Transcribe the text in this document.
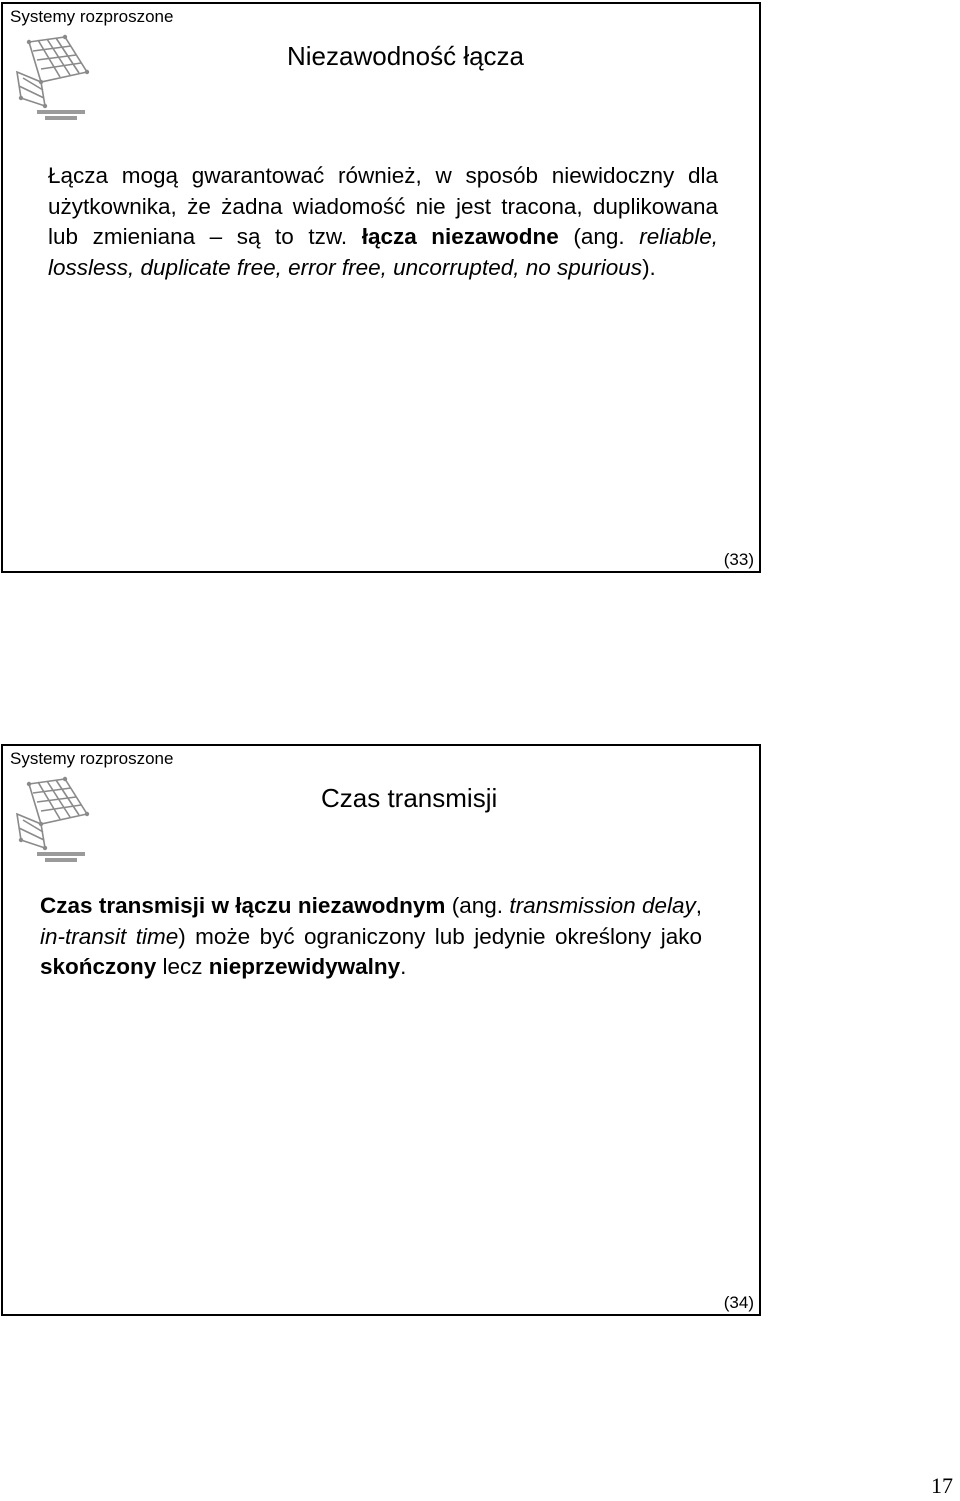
Systemy rozproszone
Niezawodność łącza
Łącza mogą gwarantować również, w sposób niewidoczny dla użytkownika, że żadna wiadomość nie jest tracona, duplikowana lub zmieniana – są to tzw. łącza niezawodne (ang. reliable, lossless, duplicate free, error free, uncorrupted, no spurious).
(33)
Systemy rozproszone
Czas transmisji
Czas transmisji w łączu niezawodnym (ang. transmission delay, in-transit time) może być ograniczony lub jedynie określony jako skończony lecz nieprzewidywalny.
(34)
17
